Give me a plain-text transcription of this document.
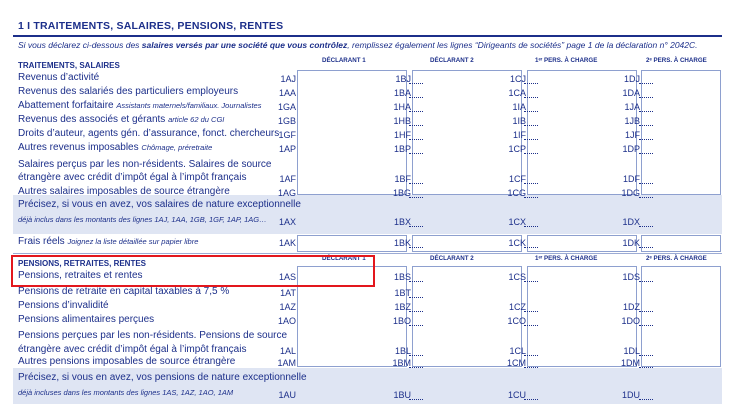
1 I TRAITEMENTS, SALAIRES, PENSIONS, RENTES
Si vous déclarez ci-dessous des salaires versés par une société que vous contrôlez, remplissez également les lignes “Dirigeants de sociétés” page 1 de la déclaration n° 2042C.
TRAITEMENTS, SALAIRES
DÉCLARANT 1	DÉCLARANT 2	1ᵉʳ PERS. À CHARGE	2ᵉ PERS. À CHARGE
Revenus d’activité	1AJ	1BJ	1CJ	1DJ
Revenus des salariés des particuliers employeurs	1AA	1BA	1CA	1DA
Abattement forfaitaire Assistants maternels/familiaux. Journalistes 1GA	1HA	1IA	1JA
Revenus des associés et gérants article 62 du CGI	1GB	1HB	1IB	1JB
Droits d’auteur, agents gén. d’assurance, fonct. chercheurs 1GF	1HF	1IF	1JF
Autres revenus imposables Chômage, préretraite	1AP	1BP	1CP	1DP
Salaires perçus par les non-résidents. Salaires de source
étrangère avec crédit d’impôt égal à l’impôt français	1AF	1BF	1CF	1DF
Autres salaires imposables de source étrangère	1AG	1BG	1CG	1DG
Précisez, si vous en avez, vos salaires de nature exceptionnelle
déjà inclus dans les montants des lignes 1AJ, 1AA, 1GB, 1GF, 1AP, 1AG… 1AX	1BX	1CX	1DX
Frais réels Joignez la liste détaillée sur papier libre	1AK	1BK	1CK	1DK
PENSIONS, RETRAITES, RENTES
DÉCLARANT 1	DÉCLARANT 2	1ᵉʳ PERS. À CHARGE	2ᵉ PERS. À CHARGE
Pensions, retraites et rentes	1AS	1BS	1CS	1DS
Pensions de retraite en capital taxables à 7,5 %	1AT	1BT
Pensions d’invalidité	1AZ	1BZ	1CZ	1DZ
Pensions alimentaires perçues	1AO	1BO	1CO	1DO
Pensions perçues par les non-résidents. Pensions de source
étrangère avec crédit d’impôt égal à l’impôt français	1AL	1BL	1CL	1DL
Autres pensions imposables de source étrangère	1AM	1BM	1CM	1DM
Précisez, si vous en avez, vos pensions de nature exceptionnelle
déjà incluses dans les montants des lignes 1AS, 1AZ, 1AO, 1AM	1AU	1BU	1CU	1DU
